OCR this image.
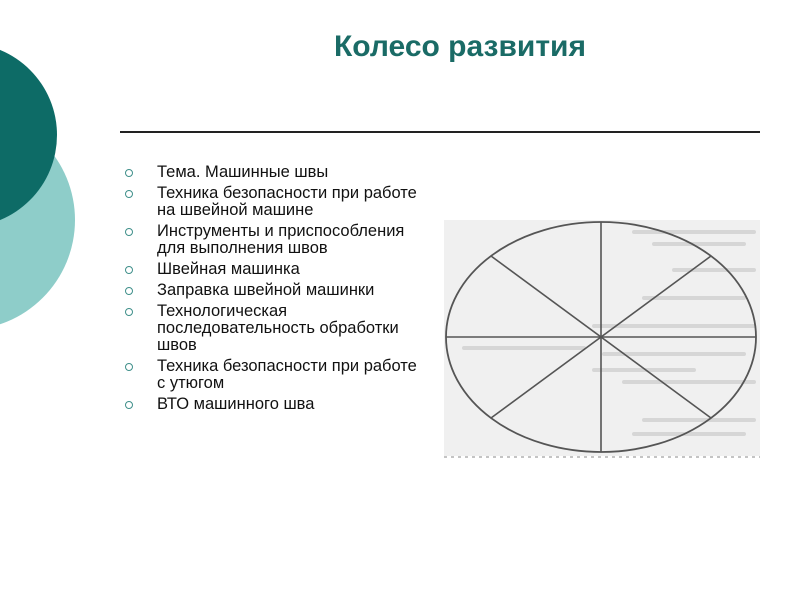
Колесо развития
Тема. Машинные швы
Техника безопасности при работе на швейной машине
Инструменты и приспособления для выполнения швов
Швейная машинка
Заправка швейной машинки
Технологическая последовательность обработки швов
Техника безопасности при работе с утюгом
ВТО машинного шва
